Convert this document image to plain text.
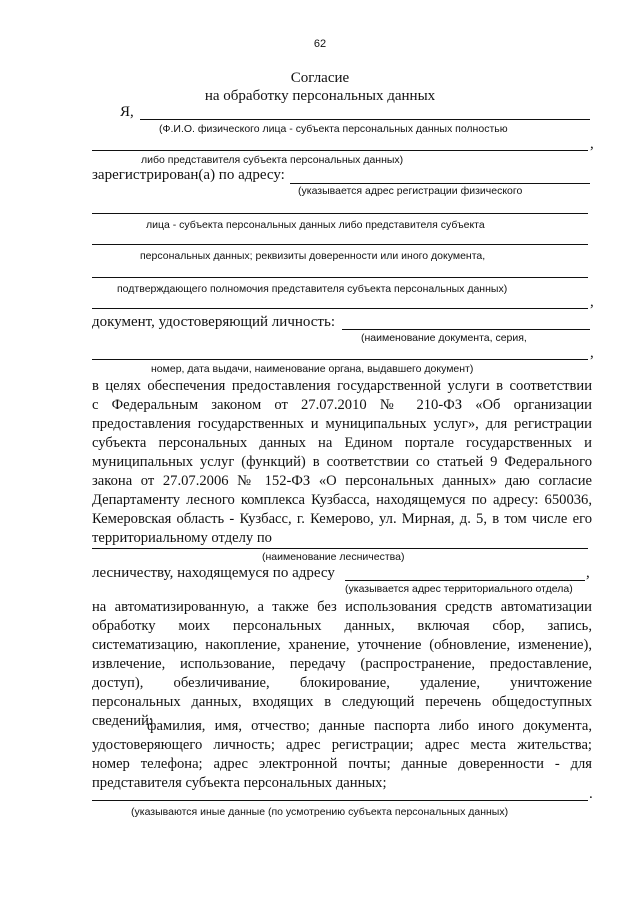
62
Согласие
на обработку персональных данных
Я,
(Ф.И.О. физического лица - субъекта персональных данных полностью
,
либо представителя субъекта персональных данных)
зарегистрирован(а) по адресу:
(указывается адрес регистрации физического
лица - субъекта персональных данных либо представителя субъекта
персональных данных; реквизиты доверенности или иного документа,
подтверждающего полномочия представителя субъекта персональных данных)
,
документ, удостоверяющий личность:
(наименование документа, серия,
,
номер, дата выдачи, наименование органа, выдавшего документ)
в целях обеспечения предоставления государственной услуги в соответствии
с Федеральным законом от 27.07.2010 № 210-ФЗ «Об организации
предоставления государственных и муниципальных услуг», для регистрации
субъекта персональных данных на Едином портале государственных и
муниципальных услуг (функций) в соответствии со статьей 9 Федерального
закона от 27.07.2006 № 152-ФЗ «О персональных данных» даю согласие
Департаменту лесного комплекса Кузбасса, находящемуся по адресу: 650036,
Кемеровская область - Кузбасс, г. Кемерово, ул. Мирная, д. 5, в том числе его
территориальному отделу по
(наименование лесничества)
лесничеству, находящемуся по адресу	,
(указывается адрес территориального отдела)
на автоматизированную, а также без использования средств автоматизации
обработку моих персональных данных, включая сбор, запись,
систематизацию, накопление, хранение, уточнение (обновление, изменение),
извлечение, использование, передачу (распространение, предоставление,
доступ), обезличивание, блокирование, удаление, уничтожение
персональных данных, входящих в следующий перечень общедоступных
сведений:
фамилия, имя, отчество; данные паспорта либо иного документа,
удостоверяющего личность; адрес регистрации; адрес места жительства;
номер телефона; адрес электронной почты; данные доверенности - для
представителя субъекта персональных данных;
.
(указываются иные данные (по усмотрению субъекта персональных данных)
